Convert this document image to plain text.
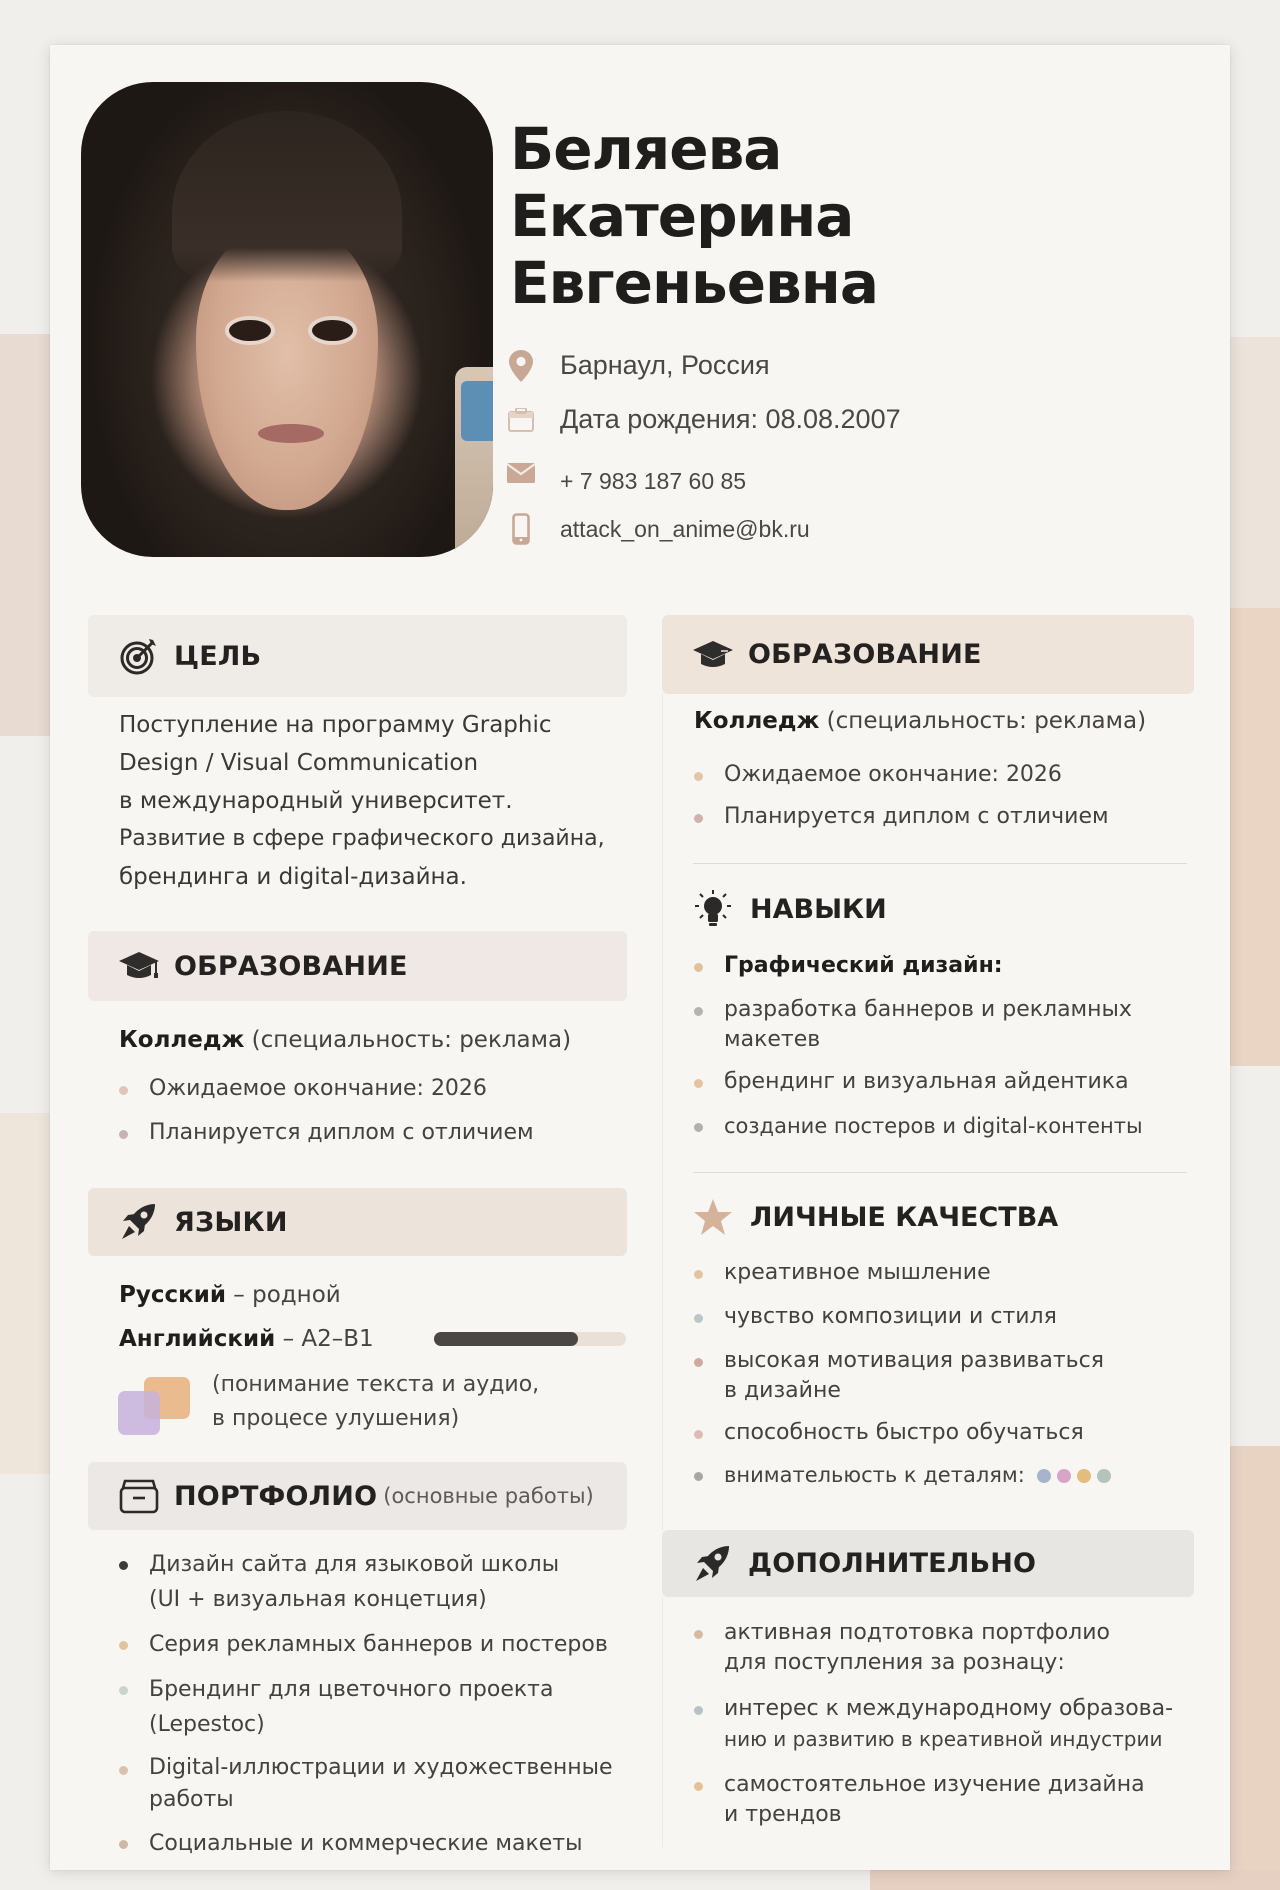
Беляева
Екатерина
Евгеньевна
Барнаул, Россия
Дата рождения: 08.08.2007
+ 7 983 187 60 85
attack_on_anime@bk.ru
ЦЕЛЬ
Поступление на программу Graphic
Design / Visual Communication
в международный университет.
Развитие в сфере графического дизайна,
брендинга и digital-дизайна.
ОБРАЗОВАНИЕ
Колледж (специальность: реклама)
Ожидаемое окончание: 2026
Планируется диплом с отличием
ЯЗЫКИ
Русский – родной
Английский – A2–B1
(понимание текста и аудио,
в процесе улушения)
ПОРТФОЛИО (основные работы)
Дизайн сайта для языковой школы
(UI + визуальная концетция)
Серия рекламных баннеров и постеров
Брендинг для цветочного проекта
(Lepestoc)
Digital-иллюстрации и художественные
работы
Социальные и коммерческие макеты
ОБРАЗОВАНИЕ
Колледж (специальность: реклама)
Ожидаемое окончание: 2026
Планируется диплом с отличием
НАВЫКИ
Графический дизайн:
разработка баннеров и рекламных
макетев
брендинг и визуальная айдентика
создание постеров и digital-контенты
ЛИЧНЫЕ КАЧЕСТВА
креативное мышление
чувство композиции и стиля
высокая мотивация развиваться
в дизайне
способность быстро обучаться
внимательюсть к деталям:
ДОПОЛНИТЕЛЬНО
активная подтотовка портфолио
для поступления за рознацу:
интерес к международному образова-
нию и развитию в креативной индустрии
самостоятельное изучение дизайна
и трендов
